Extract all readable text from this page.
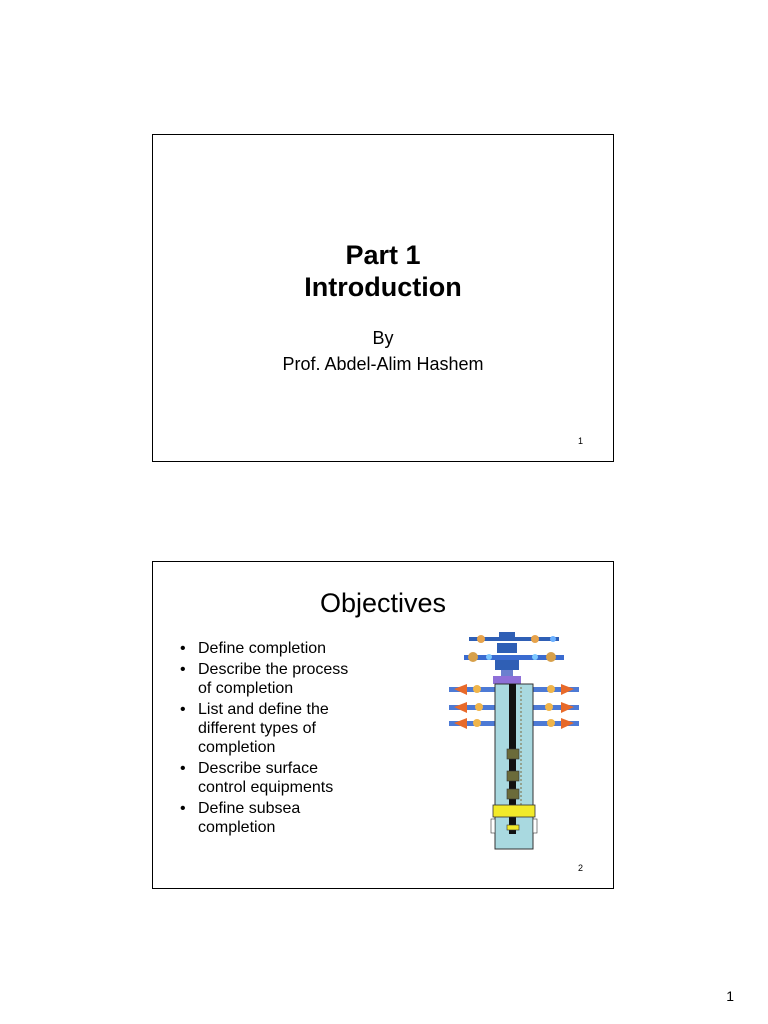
Part 1
Introduction
By
Prof. Abdel-Alim Hashem
1
Objectives
• Define completion
• Describe the process
of completion
• List and define the
different types of
completion
• Describe surface
control equipments
• Define subsea
completion
2
1
